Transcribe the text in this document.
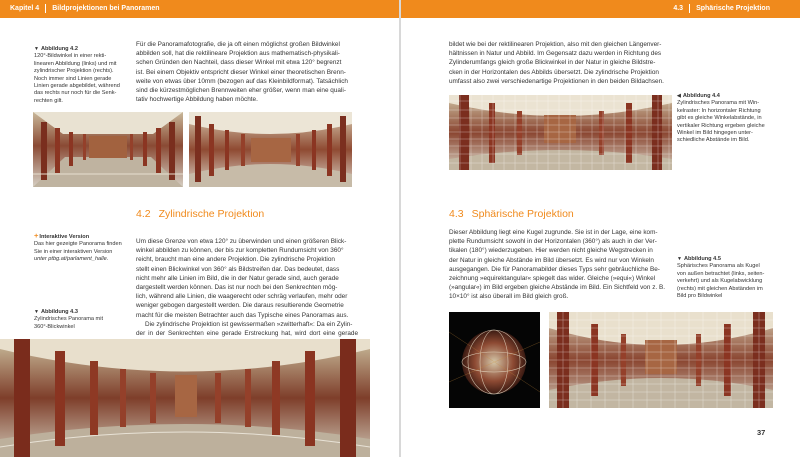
Kapitel 4 Bildprojektionen bei Panoramen
▼ Abbildung 4.2
120°-Bildwinkel in einer rekti-
linearen Abbildung (links) und mit
zylindrischer Projektion (rechts).
Noch immer sind Linien gerade
Linien gerade abgebildet, während
das rechts nur noch für die Senk-
rechten gilt.
Für die Panoramafotografie, die ja oft einen möglichst großen Bildwinkel
abbilden soll, hat die rektilineare Projektion aus mathematisch-physikali-
schen Gründen den Nachteil, dass dieser Winkel mit etwa 120° begrenzt
ist. Bei einem Objektiv entspricht dieser Winkel einer theoretischen Brenn-
weite von etwas über 10mm (bezogen auf das Kleinbildformat). Tatsächlich
sind die kürzestmöglichen Brennweiten eher größer, wenn man eine quali-
tativ hochwertige Abbildung haben möchte.
4.2 Zylindrische Projektion
Um diese Grenze von etwa 120° zu überwinden und einen größeren Blick-
winkel abbilden zu können, der bis zur kompletten Rundumsicht von 360°
reicht, braucht man eine andere Projektion. Die zylindrische Projektion
stellt einen Blickwinkel von 360° als Bildstreifen dar. Das bedeutet, dass
nicht mehr alle Linien im Bild, die in der Natur gerade sind, auch gerade
dargestellt werden können. Das ist nur noch bei den Senkrechten mög-
lich, während alle Linien, die waagerecht oder schräg verlaufen, mehr oder
weniger gebogen dargestellt werden. Die daraus resultierende Geometrie
macht für die meisten Betrachter auch das Typische eines Panoramas aus.
Die zylindrische Projektion ist gewissermaßen »zwitterhaft«: Da ein Zylin-
der in der Senkrechten eine gerade Erstreckung hat, wird dort eine gerade
+Interaktive Version
Das hier gezeigte Panorama finden
Sie in einer interaktiven Version
unter ptbg.at/parlament_halle.
▼ Abbildung 4.3
Zylindrisches Panorama mit
360°-Blickwinkel
4.3 Sphärische Projektion
bildet wie bei der rektilinearen Projektion, also mit den gleichen Längenver-
hältnissen in Natur und Abbild. Im Gegensatz dazu werden in Richtung des
Zylinderumfangs gleich große Blickwinkel in der Natur in gleiche Bildstre-
cken in der Horizontalen des Abbilds übersetzt. Die zylindrische Projektion
umfasst also zwei verschiedenartige Projektionen in den beiden Bildachsen.
◀ Abbildung 4.4
Zylindrisches Panorama mit Win-
kelraster: In horizontaler Richtung
gibt es gleiche Winkelabstände, in
vertikaler Richtung ergeben gleiche
Winkel im Bild hingegen unter-
schiedliche Abstände im Bild.
4.3 Sphärische Projektion
Dieser Abbildung liegt eine Kugel zugrunde. Sie ist in der Lage, eine kom-
plette Rundumsicht sowohl in der Horizontalen (360°) als auch in der Ver-
tikalen (180°) wiederzugeben. Hier werden nicht gleiche Wegstrecken in
der Natur in gleiche Abstände im Bild übersetzt. Es wird nur von Winkeln
ausgegangen. Die für Panoramabilder dieses Typs sehr gebräuchliche Be-
zeichnung »equirektangular« spiegelt das wider. Gleiche (»equi«) Winkel
(»angular«) im Bild ergeben gleiche Abstände im Bild. Ein Sichtfeld von z. B.
10×10° ist also überall im Bild gleich groß.
▼ Abbildung 4.5
Sphärisches Panorama als Kugel
von außen betrachtet (links, seiten-
verkehrt) und als Kugelabwicklung
(rechts) mit gleichen Abständen im
Bild pro Bildwinkel
37
